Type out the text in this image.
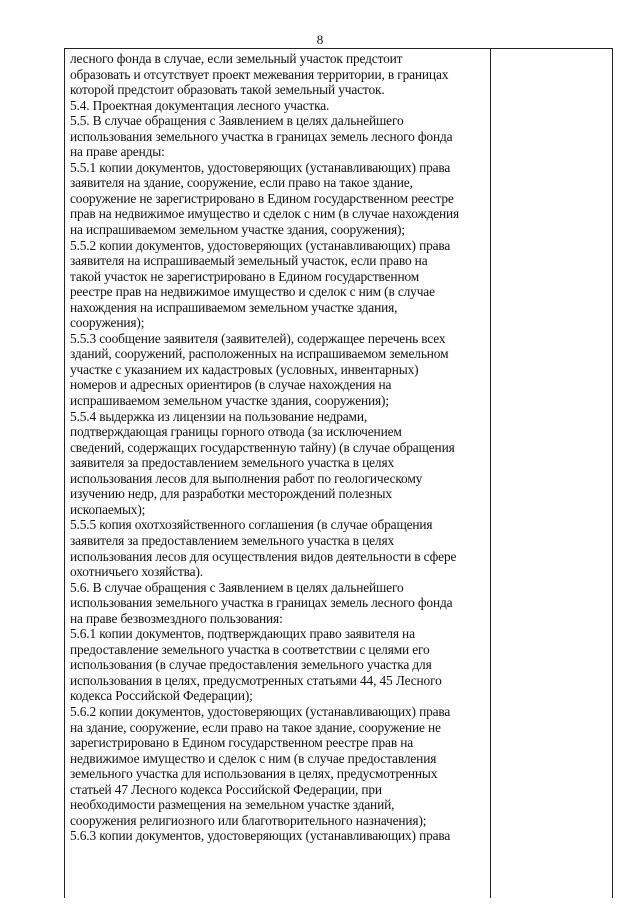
8
лесного фонда в случае, если земельный участок предстоит
образовать и отсутствует проект межевания территории, в границах
которой предстоит образовать такой земельный участок.
5.4. Проектная документация лесного участка.
5.5. В случае обращения с Заявлением в целях дальнейшего
использования земельного участка в границах земель лесного фонда
на праве аренды:
5.5.1 копии документов, удостоверяющих (устанавливающих) права
заявителя на здание, сооружение, если право на такое здание,
сооружение не зарегистрировано в Едином государственном реестре
прав на недвижимое имущество и сделок с ним (в случае нахождения
на испрашиваемом земельном участке здания, сооружения);
5.5.2 копии документов, удостоверяющих (устанавливающих) права
заявителя на испрашиваемый земельный участок, если право на
такой участок не зарегистрировано в Едином государственном
реестре прав на недвижимое имущество и сделок с ним (в случае
нахождения на испрашиваемом земельном участке здания,
сооружения);
5.5.3 сообщение заявителя (заявителей), содержащее перечень всех
зданий, сооружений, расположенных на испрашиваемом земельном
участке с указанием их кадастровых (условных, инвентарных)
номеров и адресных ориентиров (в случае нахождения на
испрашиваемом земельном участке здания, сооружения);
5.5.4 выдержка из лицензии на пользование недрами,
подтверждающая границы горного отвода (за исключением
сведений, содержащих государственную тайну) (в случае обращения
заявителя за предоставлением земельного участка в целях
использования лесов для выполнения работ по геологическому
изучению недр, для разработки месторождений полезных
ископаемых);
5.5.5 копия охотхозяйственного соглашения (в случае обращения
заявителя за предоставлением земельного участка в целях
использования лесов для осуществления видов деятельности в сфере
охотничьего хозяйства).
5.6. В случае обращения с Заявлением в целях дальнейшего
использования земельного участка в границах земель лесного фонда
на праве безвозмездного пользования:
5.6.1 копии документов, подтверждающих право заявителя на
предоставление земельного участка в соответствии с целями его
использования (в случае предоставления земельного участка для
использования в целях, предусмотренных статьями 44, 45 Лесного
кодекса Российской Федерации);
5.6.2 копии документов, удостоверяющих (устанавливающих) права
на здание, сооружение, если право на такое здание, сооружение не
зарегистрировано в Едином государственном реестре прав на
недвижимое имущество и сделок с ним (в случае предоставления
земельного участка для использования в целях, предусмотренных
статьей 47 Лесного кодекса Российской Федерации, при
необходимости размещения на земельном участке зданий,
сооружения религиозного или благотворительного назначения);
5.6.3 копии документов, удостоверяющих (устанавливающих) права
